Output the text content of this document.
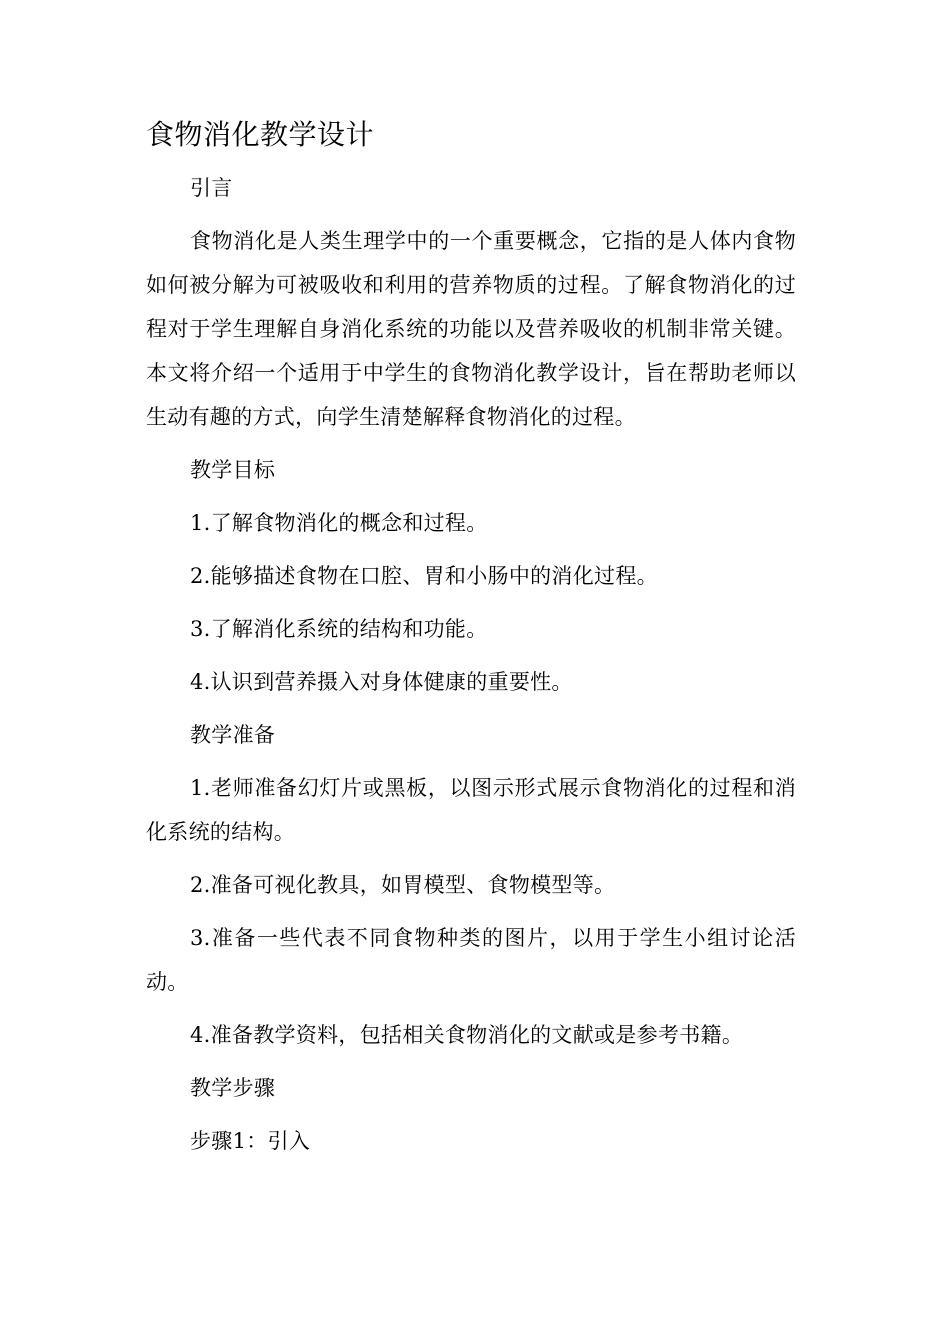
食物消化教学设计

引言

食物消化是人类生理学中的一个重要概念，它指的是人体内食物如何被分解为可被吸收和利用的营养物质的过程。了解食物消化的过程对于学生理解自身消化系统的功能以及营养吸收的机制非常关键。本文将介绍一个适用于中学生的食物消化教学设计，旨在帮助老师以生动有趣的方式，向学生清楚解释食物消化的过程。

教学目标

1.了解食物消化的概念和过程。

2.能够描述食物在口腔、胃和小肠中的消化过程。

3.了解消化系统的结构和功能。

4.认识到营养摄入对身体健康的重要性。

教学准备

1.老师准备幻灯片或黑板，以图示形式展示食物消化的过程和消化系统的结构。

2.准备可视化教具，如胃模型、食物模型等。

3.准备一些代表不同食物种类的图片，以用于学生小组讨论活动。

4.准备教学资料，包括相关食物消化的文献或是参考书籍。

教学步骤

步骤1：引入
